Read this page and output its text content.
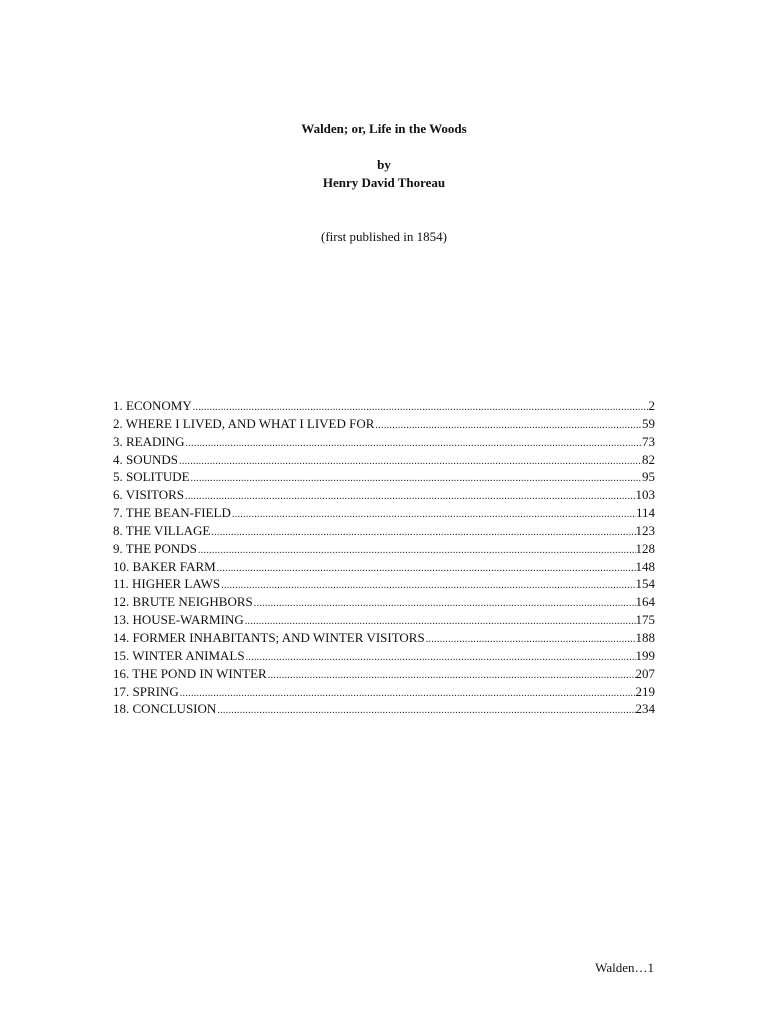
Walden; or, Life in the Woods
by
Henry David Thoreau
(first published in 1854)
1. ECONOMY .....	2
2. WHERE I LIVED, AND WHAT I LIVED FOR .....	59
3. READING .....	73
4. SOUNDS .....	82
5. SOLITUDE .....	95
6. VISITORS .....	103
7. THE BEAN-FIELD .....	114
8. THE VILLAGE .....	123
9. THE PONDS .....	128
10. BAKER FARM .....	148
11. HIGHER LAWS .....	154
12. BRUTE NEIGHBORS .....	164
13. HOUSE-WARMING .....	175
14. FORMER INHABITANTS; AND WINTER VISITORS .....	188
15. WINTER ANIMALS .....	199
16. THE POND IN WINTER .....	207
17. SPRING .....	219
18. CONCLUSION .....	234
Walden…1
